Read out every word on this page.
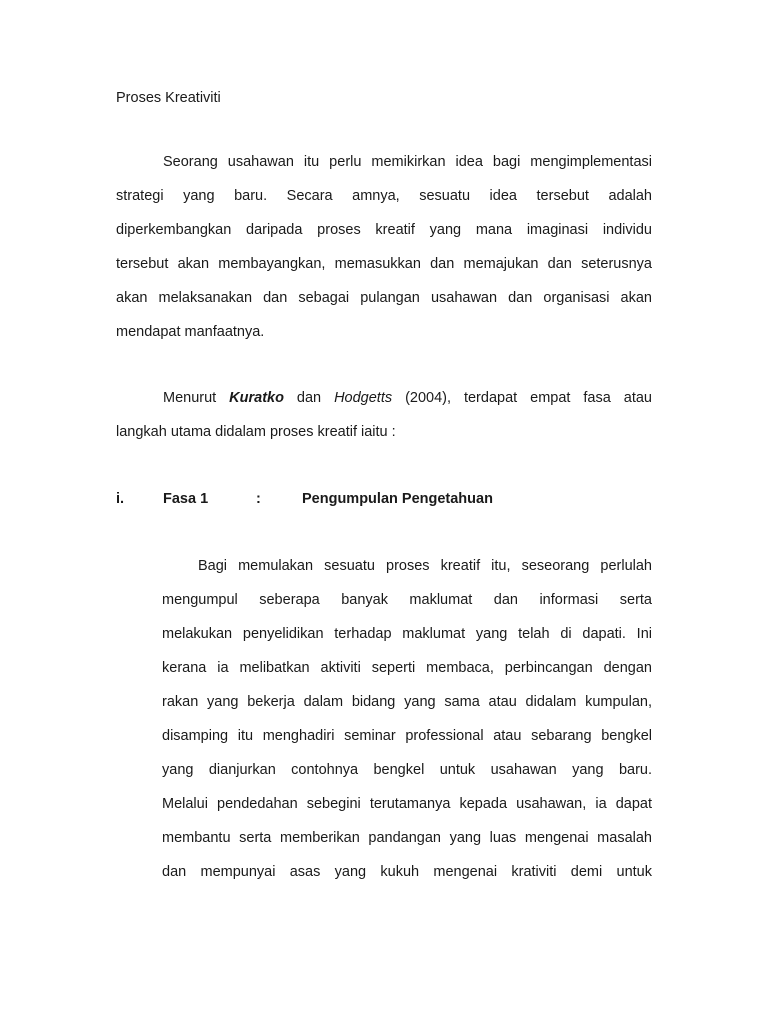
Proses Kreativiti
Seorang usahawan itu perlu memikirkan idea bagi mengimplementasi
strategi yang baru. Secara amnya, sesuatu idea tersebut adalah
diperkembangkan daripada proses kreatif yang mana imaginasi individu
tersebut akan membayangkan, memasukkan dan memajukan dan seterusnya
akan melaksanakan dan sebagai pulangan usahawan dan organisasi akan
mendapat manfaatnya.
Menurut Kuratko dan Hodgetts (2004), terdapat empat fasa atau
langkah utama didalam proses kreatif iaitu :
i.	Fasa 1	:	Pengumpulan Pengetahuan
Bagi memulakan sesuatu proses kreatif itu, seseorang perlulah
mengumpul seberapa banyak maklumat dan informasi serta
melakukan penyelidikan terhadap maklumat yang telah di dapati. Ini
kerana ia melibatkan aktiviti seperti membaca, perbincangan dengan
rakan yang bekerja dalam bidang yang sama atau didalam kumpulan,
disamping itu menghadiri seminar professional atau sebarang bengkel
yang dianjurkan contohnya bengkel untuk usahawan yang baru.
Melalui pendedahan sebegini terutamanya kepada usahawan, ia dapat
membantu serta memberikan pandangan yang luas mengenai masalah
dan mempunyai asas yang kukuh mengenai krativiti demi untuk
